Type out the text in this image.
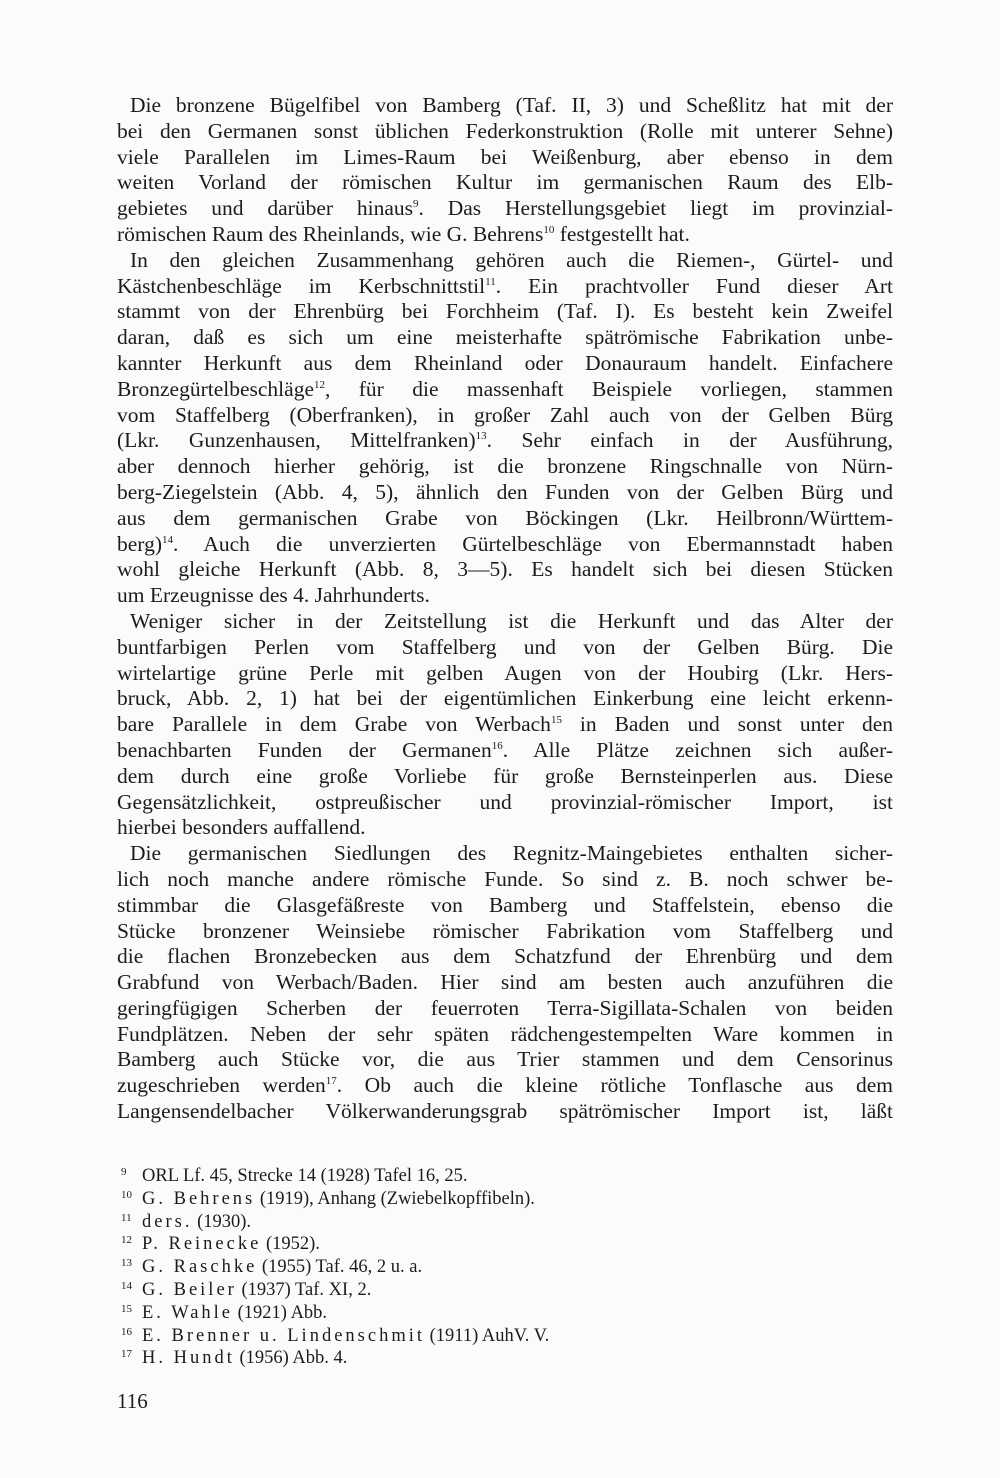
Die bronzene Bügelfibel von Bamberg (Taf. II, 3) und Scheßlitz hat mit der
bei den Germanen sonst üblichen Federkonstruktion (Rolle mit unterer Sehne)
viele Parallelen im Limes-Raum bei Weißenburg, aber ebenso in dem
weiten Vorland der römischen Kultur im germanischen Raum des Elb-
gebietes und darüber hinaus$^9$. Das Herstellungsgebiet liegt im provinzial-
römischen Raum des Rheinlands, wie G. Behrens$^{10}$ festgestellt hat.
In den gleichen Zusammenhang gehören auch die Riemen-, Gürtel- und
Kästchenbeschläge im Kerbschnittstil$^{11}$. Ein prachtvoller Fund dieser Art
stammt von der Ehrenbürg bei Forchheim (Taf. I). Es besteht kein Zweifel
daran, daß es sich um eine meisterhafte spätrömische Fabrikation unbe-
kannter Herkunft aus dem Rheinland oder Donauraum handelt. Einfachere
Bronzegürtelbeschläge$^{12}$, für die massenhaft Beispiele vorliegen, stammen
vom Staffelberg (Oberfranken), in großer Zahl auch von der Gelben Bürg
(Lkr. Gunzenhausen, Mittelfranken)$^{13}$. Sehr einfach in der Ausführung,
aber dennoch hierher gehörig, ist die bronzene Ringschnalle von Nürn-
berg-Ziegelstein (Abb. 4, 5), ähnlich den Funden von der Gelben Bürg und
aus dem germanischen Grabe von Böckingen (Lkr. Heilbronn/Württem-
berg)$^{14}$. Auch die unverzierten Gürtelbeschläge von Ebermannstadt haben
wohl gleiche Herkunft (Abb. 8, 3—5). Es handelt sich bei diesen Stücken
um Erzeugnisse des 4. Jahrhunderts.
Weniger sicher in der Zeitstellung ist die Herkunft und das Alter der
buntfarbigen Perlen vom Staffelberg und von der Gelben Bürg. Die
wirtelartige grüne Perle mit gelben Augen von der Houbirg (Lkr. Hers-
bruck, Abb. 2, 1) hat bei der eigentümlichen Einkerbung eine leicht erkenn-
bare Parallele in dem Grabe von Werbach$^{15}$ in Baden und sonst unter den
benachbarten Funden der Germanen$^{16}$. Alle Plätze zeichnen sich außer-
dem durch eine große Vorliebe für große Bernsteinperlen aus. Diese
Gegensätzlichkeit, ostpreußischer und provinzial-römischer Import, ist
hierbei besonders auffallend.
Die germanischen Siedlungen des Regnitz-Maingebietes enthalten sicher-
lich noch manche andere römische Funde. So sind z. B. noch schwer be-
stimmbar die Glasgefäßreste von Bamberg und Staffelstein, ebenso die
Stücke bronzener Weinsiebe römischer Fabrikation vom Staffelberg und
die flachen Bronzebecken aus dem Schatzfund der Ehrenbürg und dem
Grabfund von Werbach/Baden. Hier sind am besten auch anzuführen die
geringfügigen Scherben der feuerroten Terra-Sigillata-Schalen von beiden
Fundplätzen. Neben der sehr späten rädchengestempelten Ware kommen in
Bamberg auch Stücke vor, die aus Trier stammen und dem Censorinus
zugeschrieben werden$^{17}$. Ob auch die kleine rötliche Tonflasche aus dem
Langensendelbacher Völkerwanderungsgrab spätrömischer Import ist, läßt
9 ORL Lf. 45, Strecke 14 (1928) Tafel 16, 25.
10 G. Behrens (1919), Anhang (Zwiebelkopffibeln).
11 ders. (1930).
12 P. Reinecke (1952).
13 G. Raschke (1955) Taf. 46, 2 u. a.
14 G. Beiler (1937) Taf. XI, 2.
15 E. Wahle (1921) Abb.
16 E. Brenner u. Lindenschmit (1911) AuhV. V.
17 H. Hundt (1956) Abb. 4.
116
